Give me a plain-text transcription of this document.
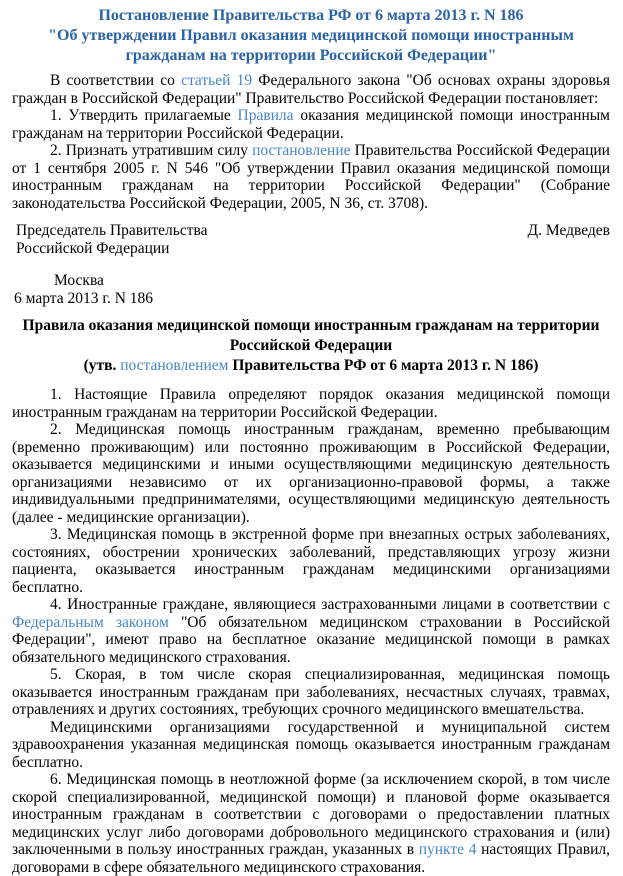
Постановление Правительства РФ от 6 марта 2013 г. N 186
"Об утверждении Правил оказания медицинской помощи иностранным гражданам на территории Российской Федерации"

В соответствии со статьей 19 Федерального закона "Об основах охраны здоровья граждан в Российской Федерации" Правительство Российской Федерации постановляет:

1. Утвердить прилагаемые Правила оказания медицинской помощи иностранным гражданам на территории Российской Федерации.

2. Признать утратившим силу постановление Правительства Российской Федерации от 1 сентября 2005 г. N 546 "Об утверждении Правил оказания медицинской помощи иностранным гражданам на территории Российской Федерации" (Собрание законодательства Российской Федерации, 2005, N 36, ст. 3708).

Председатель Правительства
Российской Федерации
Д. Медведев
Москва
6 марта 2013 г. N 186
Правила оказания медицинской помощи иностранным гражданам на территории Российской Федерации
(утв. постановлением Правительства РФ от 6 марта 2013 г. N 186)

1. Настоящие Правила определяют порядок оказания медицинской помощи иностранным гражданам на территории Российской Федерации.

2. Медицинская помощь иностранным гражданам, временно пребывающим (временно проживающим) или постоянно проживающим в Российской Федерации, оказывается медицинскими и иными осуществляющими медицинскую деятельность организациями независимо от их организационно-правовой формы, а также индивидуальными предпринимателями, осуществляющими медицинскую деятельность (далее - медицинские организации).

3. Медицинская помощь в экстренной форме при внезапных острых заболеваниях, состояниях, обострении хронических заболеваний, представляющих угрозу жизни пациента, оказывается иностранным гражданам медицинскими организациями бесплатно.

4. Иностранные граждане, являющиеся застрахованными лицами в соответствии с Федеральным законом "Об обязательном медицинском страховании в Российской Федерации", имеют право на бесплатное оказание медицинской помощи в рамках обязательного медицинского страхования.

5. Скорая, в том числе скорая специализированная, медицинская помощь оказывается иностранным гражданам при заболеваниях, несчастных случаях, травмах, отравлениях и других состояниях, требующих срочного медицинского вмешательства.

Медицинскими организациями государственной и муниципальной систем здравоохранения указанная медицинская помощь оказывается иностранным гражданам бесплатно.

6. Медицинская помощь в неотложной форме (за исключением скорой, в том числе скорой специализированной, медицинской помощи) и плановой форме оказывается иностранным гражданам в соответствии с договорами о предоставлении платных медицинских услуг либо договорами добровольного медицинского страхования и (или) заключенными в пользу иностранных граждан, указанных в пункте 4 настоящих Правил, договорами в сфере обязательного медицинского страхования.
